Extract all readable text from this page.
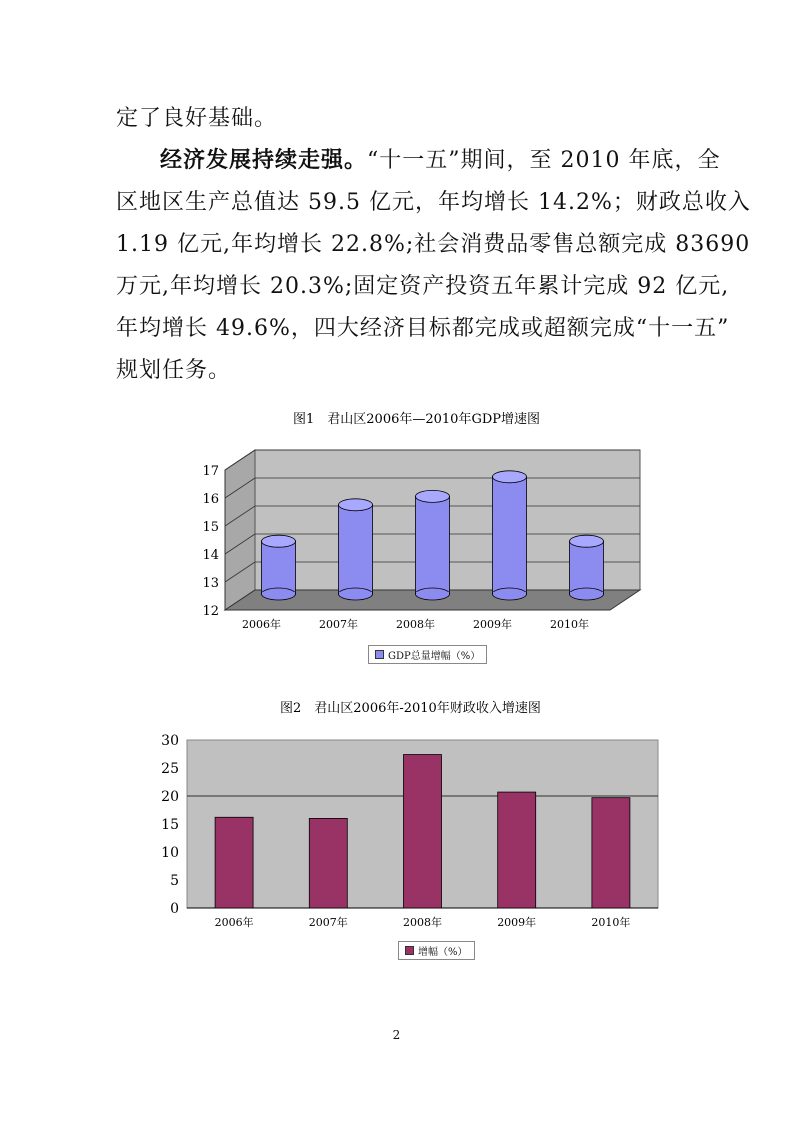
定了良好基础。

经济发展持续走强。“十一五”期间，至 2010 年底，全

区地区生产总值达 59.5 亿元，年均增长 14.2%；财政总收入

1.19 亿元,年均增长 22.8%;社会消费品零售总额完成 83690

万元,年均增长 20.3%;固定资产投资五年累计完成 92 亿元,

年均增长 49.6%，四大经济目标都完成或超额完成“十一五”

规划任务。

图1　君山区2006年—2010年GDP增速图
12
13
14
15
16
17
2006年	2007年	2008年	2009年	2010年
GDP总量增幅（%）
图2　君山区2006年-2010年财政收入增速图
0
5
10
15
20
25
30
2006年	2007年	2008年	2009年	2010年
增幅（%）
2
